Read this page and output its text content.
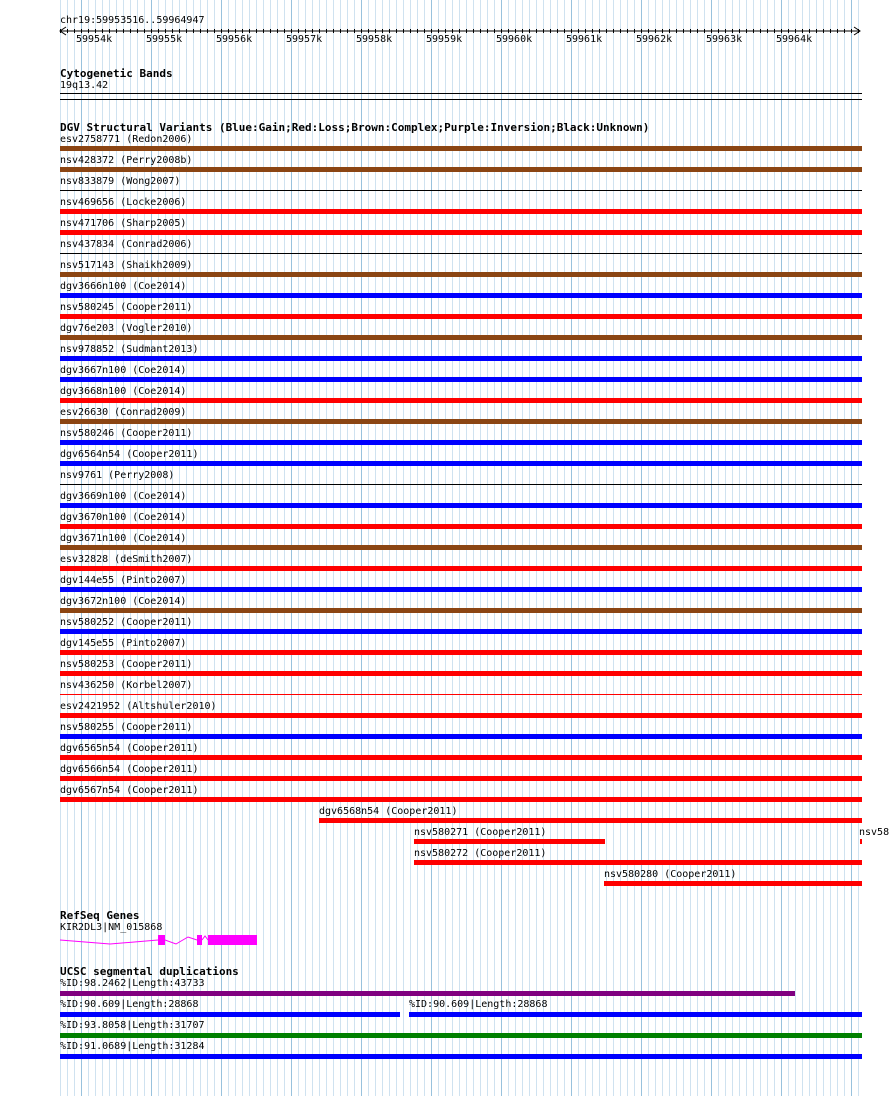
chr19:59953516..59964947
59954k	59955k	59956k	59957k	59958k	59959k	59960k	59961k	59962k	59963k	59964k
Cytogenetic Bands
19q13.42
DGV Structural Variants (Blue:Gain;Red:Loss;Brown:Complex;Purple:Inversion;Black:Unknown)
esv2758771 (Redon2006)
nsv428372 (Perry2008b)
nsv833879 (Wong2007)
nsv469656 (Locke2006)
nsv471706 (Sharp2005)
nsv437834 (Conrad2006)
nsv517143 (Shaikh2009)
dgv3666n100 (Coe2014)
nsv580245 (Cooper2011)
dgv76e203 (Vogler2010)
nsv978852 (Sudmant2013)
dgv3667n100 (Coe2014)
dgv3668n100 (Coe2014)
esv26630 (Conrad2009)
nsv580246 (Cooper2011)
dgv6564n54 (Cooper2011)
nsv9761 (Perry2008)
dgv3669n100 (Coe2014)
dgv3670n100 (Coe2014)
dgv3671n100 (Coe2014)
esv32828 (deSmith2007)
dgv144e55 (Pinto2007)
dgv3672n100 (Coe2014)
nsv580252 (Cooper2011)
dgv145e55 (Pinto2007)
nsv580253 (Cooper2011)
nsv436250 (Korbel2007)
esv2421952 (Altshuler2010)
nsv580255 (Cooper2011)
dgv6565n54 (Cooper2011)
dgv6566n54 (Cooper2011)
dgv6567n54 (Cooper2011)
dgv6568n54 (Cooper2011)
nsv580271 (Cooper2011)	nsv58
nsv580272 (Cooper2011)
nsv580280 (Cooper2011)
RefSeq Genes
KIR2DL3|NM_015868
UCSC segmental duplications
%ID:98.2462|Length:43733
%ID:90.609|Length:28868	%ID:90.609|Length:28868
%ID:93.8058|Length:31707
%ID:91.0689|Length:31284
